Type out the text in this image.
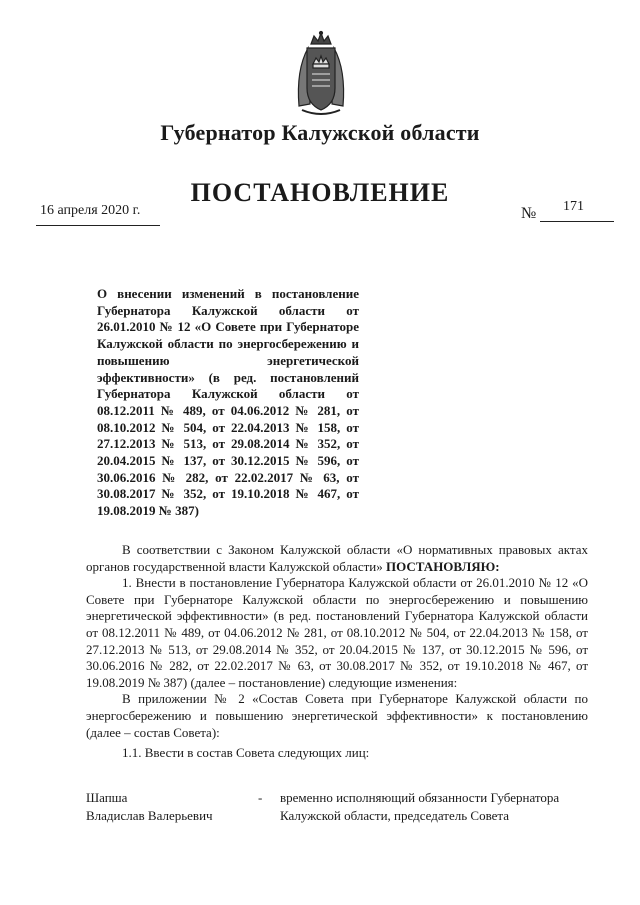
Губернатор Калужской области
ПОСТАНОВЛЕНИЕ
16 апреля 2020 г.	№ 171
О внесении изменений в постановление Губернатора Калужской области от 26.01.2010 № 12 «О Совете при Губернаторе Калужской области по энергосбережению и повышению энергетической эффективности» (в ред. постановлений Губернатора Калужской области от 08.12.2011 № 489, от 04.06.2012 № 281, от 08.10.2012 № 504, от 22.04.2013 № 158, от 27.12.2013 № 513, от 29.08.2014 № 352, от 20.04.2015 № 137, от 30.12.2015 № 596, от 30.06.2016 № 282, от 22.02.2017 № 63, от 30.08.2017 № 352, от 19.10.2018 № 467, от 19.08.2019 № 387)

В соответствии с Законом Калужской области «О нормативных правовых актах органов государственной власти Калужской области» ПОСТАНОВЛЯЮ:

1. Внести в постановление Губернатора Калужской области от 26.01.2010 № 12 «О Совете при Губернаторе Калужской области по энергосбережению и повышению энергетической эффективности» (в ред. постановлений Губернатора Калужской области от 08.12.2011 № 489, от 04.06.2012 № 281, от 08.10.2012 № 504, от 22.04.2013 № 158, от 27.12.2013 № 513, от 29.08.2014 № 352, от 20.04.2015 № 137, от 30.12.2015 № 596, от 30.06.2016 № 282, от 22.02.2017 № 63, от 30.08.2017 № 352, от 19.10.2018 № 467, от 19.08.2019 № 387) (далее – постановление) следующие изменения:

В приложении № 2 «Состав Совета при Губернаторе Калужской области по энергосбережению и повышению энергетической эффективности» к постановлению (далее – состав Совета):

1.1. Ввести в состав Совета следующих лиц:

Шапша
Владислав Валерьевич
-	временно исполняющий обязанности Губернатора Калужской области, председатель Совета
